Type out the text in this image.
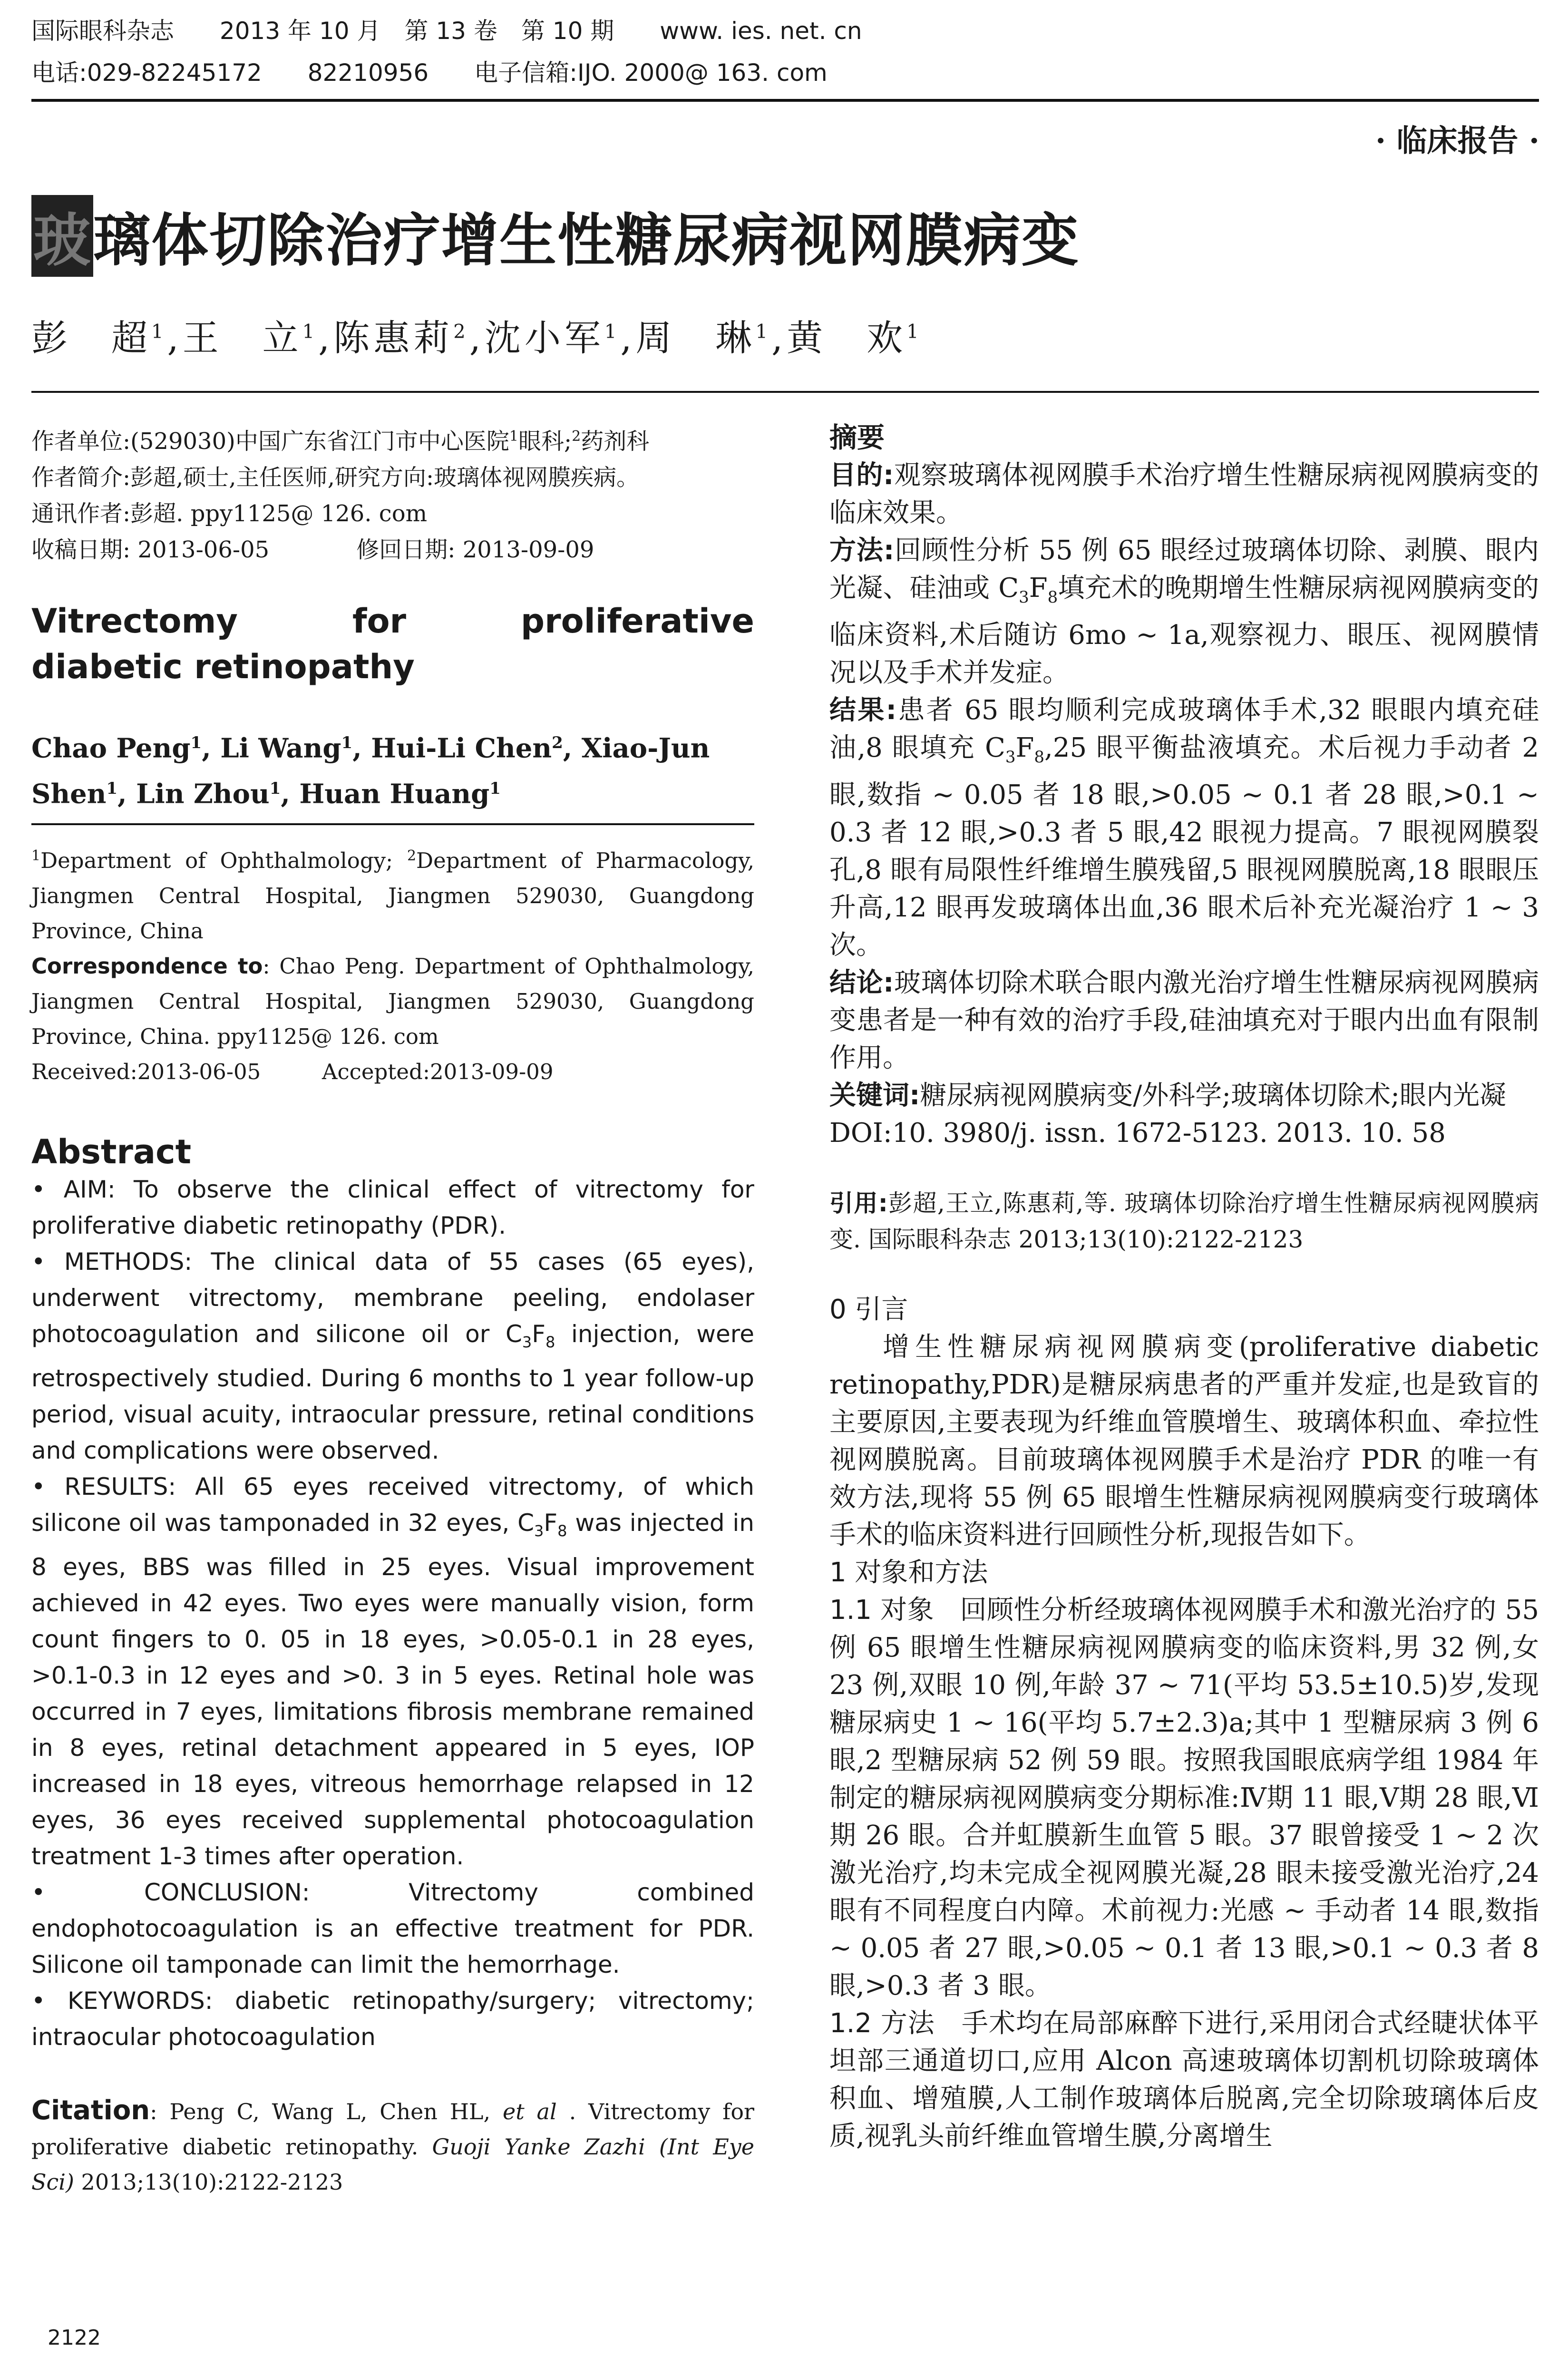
国际眼科杂志 2013 年 10 月　第 13 卷　第 10 期 www. ies. net. cn
电话:029-82245172 82210956 电子信箱:IJO. 2000@ 163. com
· 临床报告 ·
玻璃体切除治疗增生性糖尿病视网膜病变
彭　超$^1$,王　立$^1$,陈惠莉$^2$,沈小军$^1$,周　琳$^1$,黄　欢$^1$

作者单位:(529030)中国广东省江门市中心医院$^1$眼科;$^2$药剂科

作者简介:彭超,硕士,主任医师,研究方向:玻璃体视网膜疾病。

通讯作者:彭超. ppy1125@ 126. com

收稿日期: 2013-06-05	修回日期: 2013-09-09

Vitrectomy	for	proliferative
diabetic retinopathy
Chao Peng$^1$, Li Wang$^1$, Hui-Li Chen$^2$, Xiao-Jun Shen$^1$, Lin Zhou$^1$, Huan Huang$^1$

$^1$Department of Ophthalmology; $^2$Department of Pharmacology, Jiangmen Central Hospital, Jiangmen 529030, Guangdong Province, China

Correspondence to: Chao Peng. Department of Ophthalmology, Jiangmen Central Hospital, Jiangmen 529030, Guangdong Province, China. ppy1125@ 126. com

Received:2013-06-05	Accepted:2013-09-09

Abstract

• AIM: To observe the clinical effect of vitrectomy for proliferative diabetic retinopathy (PDR).

• METHODS: The clinical data of 55 cases (65 eyes), underwent vitrectomy, membrane peeling, endolaser photocoagulation and silicone oil or $C_3F_8$ injection, were retrospectively studied. During 6 months to 1 year follow-up period, visual acuity, intraocular pressure, retinal conditions and complications were observed.

• RESULTS: All 65 eyes received vitrectomy, of which silicone oil was tamponaded in 32 eyes, $C_3F_8$ was injected in 8 eyes, BBS was filled in 25 eyes. Visual improvement achieved in 42 eyes. Two eyes were manually vision, form count fingers to 0. 05 in 18 eyes, >0.05-0.1 in 28 eyes, >0.1-0.3 in 12 eyes and >0. 3 in 5 eyes. Retinal hole was occurred in 7 eyes, limitations fibrosis membrane remained in 8 eyes, retinal detachment appeared in 5 eyes, IOP increased in 18 eyes, vitreous hemorrhage relapsed in 12 eyes, 36 eyes received supplemental photocoagulation treatment 1-3 times after operation.

• CONCLUSION: Vitrectomy combined endophotocoagulation is an effective treatment for PDR. Silicone oil tamponade can limit the hemorrhage.

• KEYWORDS: diabetic retinopathy/surgery; vitrectomy; intraocular photocoagulation

Citation: Peng C, Wang L, Chen HL, et al . Vitrectomy for proliferative diabetic retinopathy. Guoji Yanke Zazhi (Int Eye Sci) 2013;13(10):2122-2123

2122
摘要

目的:观察玻璃体视网膜手术治疗增生性糖尿病视网膜病变的临床效果。

方法:回顾性分析 55 例 65 眼经过玻璃体切除、剥膜、眼内光凝、硅油或 $C_3F_8$填充术的晚期增生性糖尿病视网膜病变的临床资料,术后随访 6mo ~ 1a,观察视力、眼压、视网膜情况以及手术并发症。

结果:患者 65 眼均顺利完成玻璃体手术,32 眼眼内填充硅油,8 眼填充 $C_3F_8,25$ 眼平衡盐液填充。术后视力手动者 2 眼,数指 ~ 0.05 者 18 眼,>0.05 ~ 0.1 者 28 眼,>0.1 ~ 0.3 者 12 眼,>0.3 者 5 眼,42 眼视力提高。7 眼视网膜裂孔,8 眼有局限性纤维增生膜残留,5 眼视网膜脱离,18 眼眼压升高,12 眼再发玻璃体出血,36 眼术后补充光凝治疗 1 ~ 3 次。

结论:玻璃体切除术联合眼内激光治疗增生性糖尿病视网膜病变患者是一种有效的治疗手段,硅油填充对于眼内出血有限制作用。

关键词:糖尿病视网膜病变/外科学;玻璃体切除术;眼内光凝

DOI:10. 3980/j. issn. 1672-5123. 2013. 10. 58

引用:彭超,王立,陈惠莉,等. 玻璃体切除治疗增生性糖尿病视网膜病变. 国际眼科杂志 2013;13(10):2122-2123

0 引言

增生性糖尿病视网膜病变(proliferative diabetic retinopathy,PDR)是糖尿病患者的严重并发症,也是致盲的主要原因,主要表现为纤维血管膜增生、玻璃体积血、牵拉性视网膜脱离。目前玻璃体视网膜手术是治疗 PDR 的唯一有效方法,现将 55 例 65 眼增生性糖尿病视网膜病变行玻璃体手术的临床资料进行回顾性分析,现报告如下。

1 对象和方法

1.1 对象 回顾性分析经玻璃体视网膜手术和激光治疗的 55 例 65 眼增生性糖尿病视网膜病变的临床资料,男 32 例,女 23 例,双眼 10 例,年龄 37 ~ 71(平均 53.5±10.5)岁,发现糖尿病史 1 ~ 16(平均 5.7±2.3)a;其中 1 型糖尿病 3 例 6 眼,2 型糖尿病 52 例 59 眼。按照我国眼底病学组 1984 年制定的糖尿病视网膜病变分期标准:Ⅳ期 11 眼,Ⅴ期 28 眼,Ⅵ期 26 眼。合并虹膜新生血管 5 眼。37 眼曾接受 1 ~ 2 次激光治疗,均未完成全视网膜光凝,28 眼未接受激光治疗,24 眼有不同程度白内障。术前视力:光感 ~ 手动者 14 眼,数指 ~ 0.05 者 27 眼,>0.05 ~ 0.1 者 13 眼,>0.1 ~ 0.3 者 8 眼,>0.3 者 3 眼。

1.2 方法 手术均在局部麻醉下进行,采用闭合式经睫状体平坦部三通道切口,应用 Alcon 高速玻璃体切割机切除玻璃体积血、增殖膜,人工制作玻璃体后脱离,完全切除玻璃体后皮质,视乳头前纤维血管增生膜,分离增生
